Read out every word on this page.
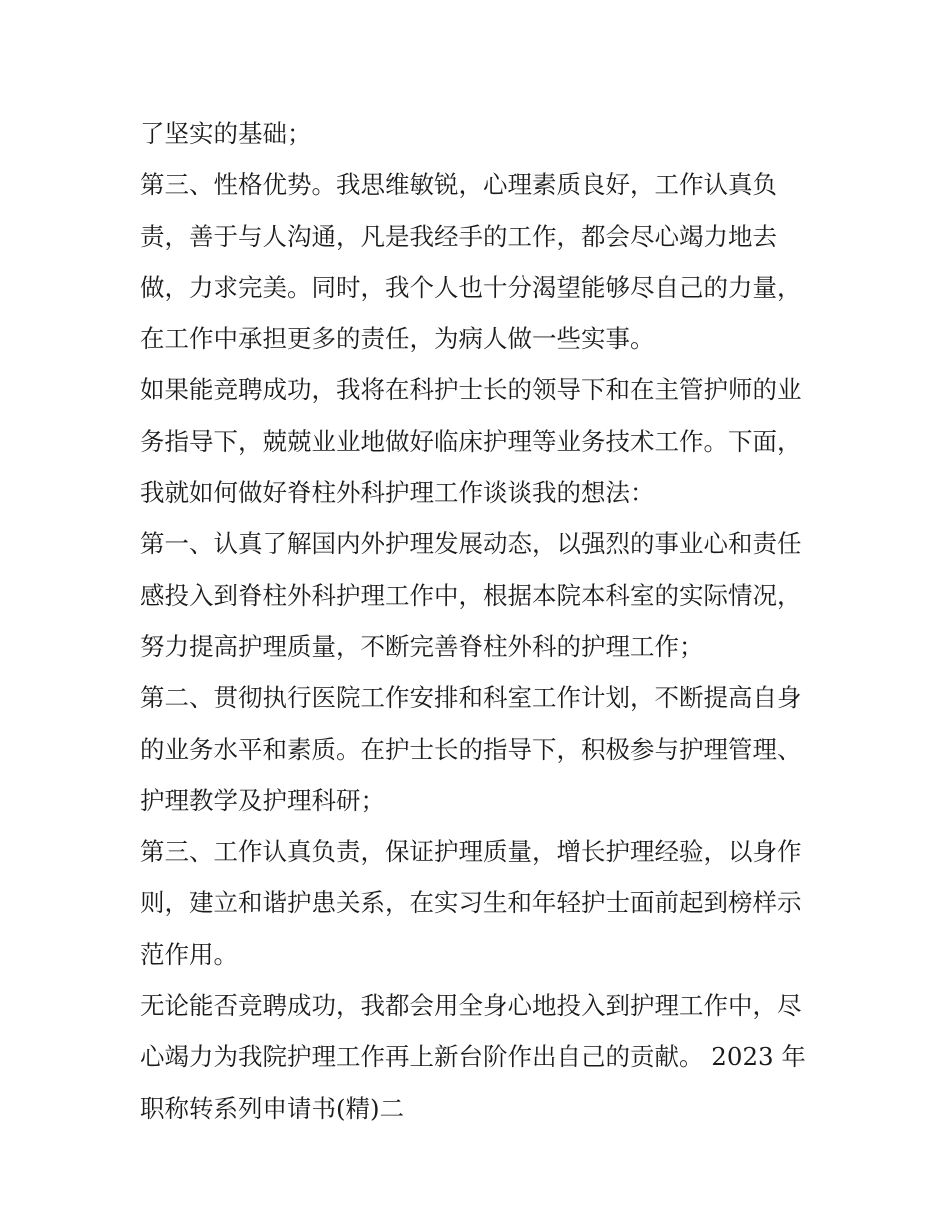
了坚实的基础；
第三、性格优势。我思维敏锐，心理素质良好，工作认真负
责，善于与人沟通，凡是我经手的工作，都会尽心竭力地去
做，力求完美。同时，我个人也十分渴望能够尽自己的力量，
在工作中承担更多的责任，为病人做一些实事。
如果能竞聘成功，我将在科护士长的领导下和在主管护师的业
务指导下，兢兢业业地做好临床护理等业务技术工作。下面，
我就如何做好脊柱外科护理工作谈谈我的想法：
第一、认真了解国内外护理发展动态，以强烈的事业心和责任
感投入到脊柱外科护理工作中，根据本院本科室的实际情况，
努力提高护理质量，不断完善脊柱外科的护理工作；
第二、贯彻执行医院工作安排和科室工作计划，不断提高自身
的业务水平和素质。在护士长的指导下，积极参与护理管理、
护理教学及护理科研；
第三、工作认真负责，保证护理质量，增长护理经验，以身作
则，建立和谐护患关系，在实习生和年轻护士面前起到榜样示
范作用。
无论能否竞聘成功，我都会用全身心地投入到护理工作中，尽
心竭力为我院护理工作再上新台阶作出自己的贡献。 2023 年
职称转系列申请书(精)二
